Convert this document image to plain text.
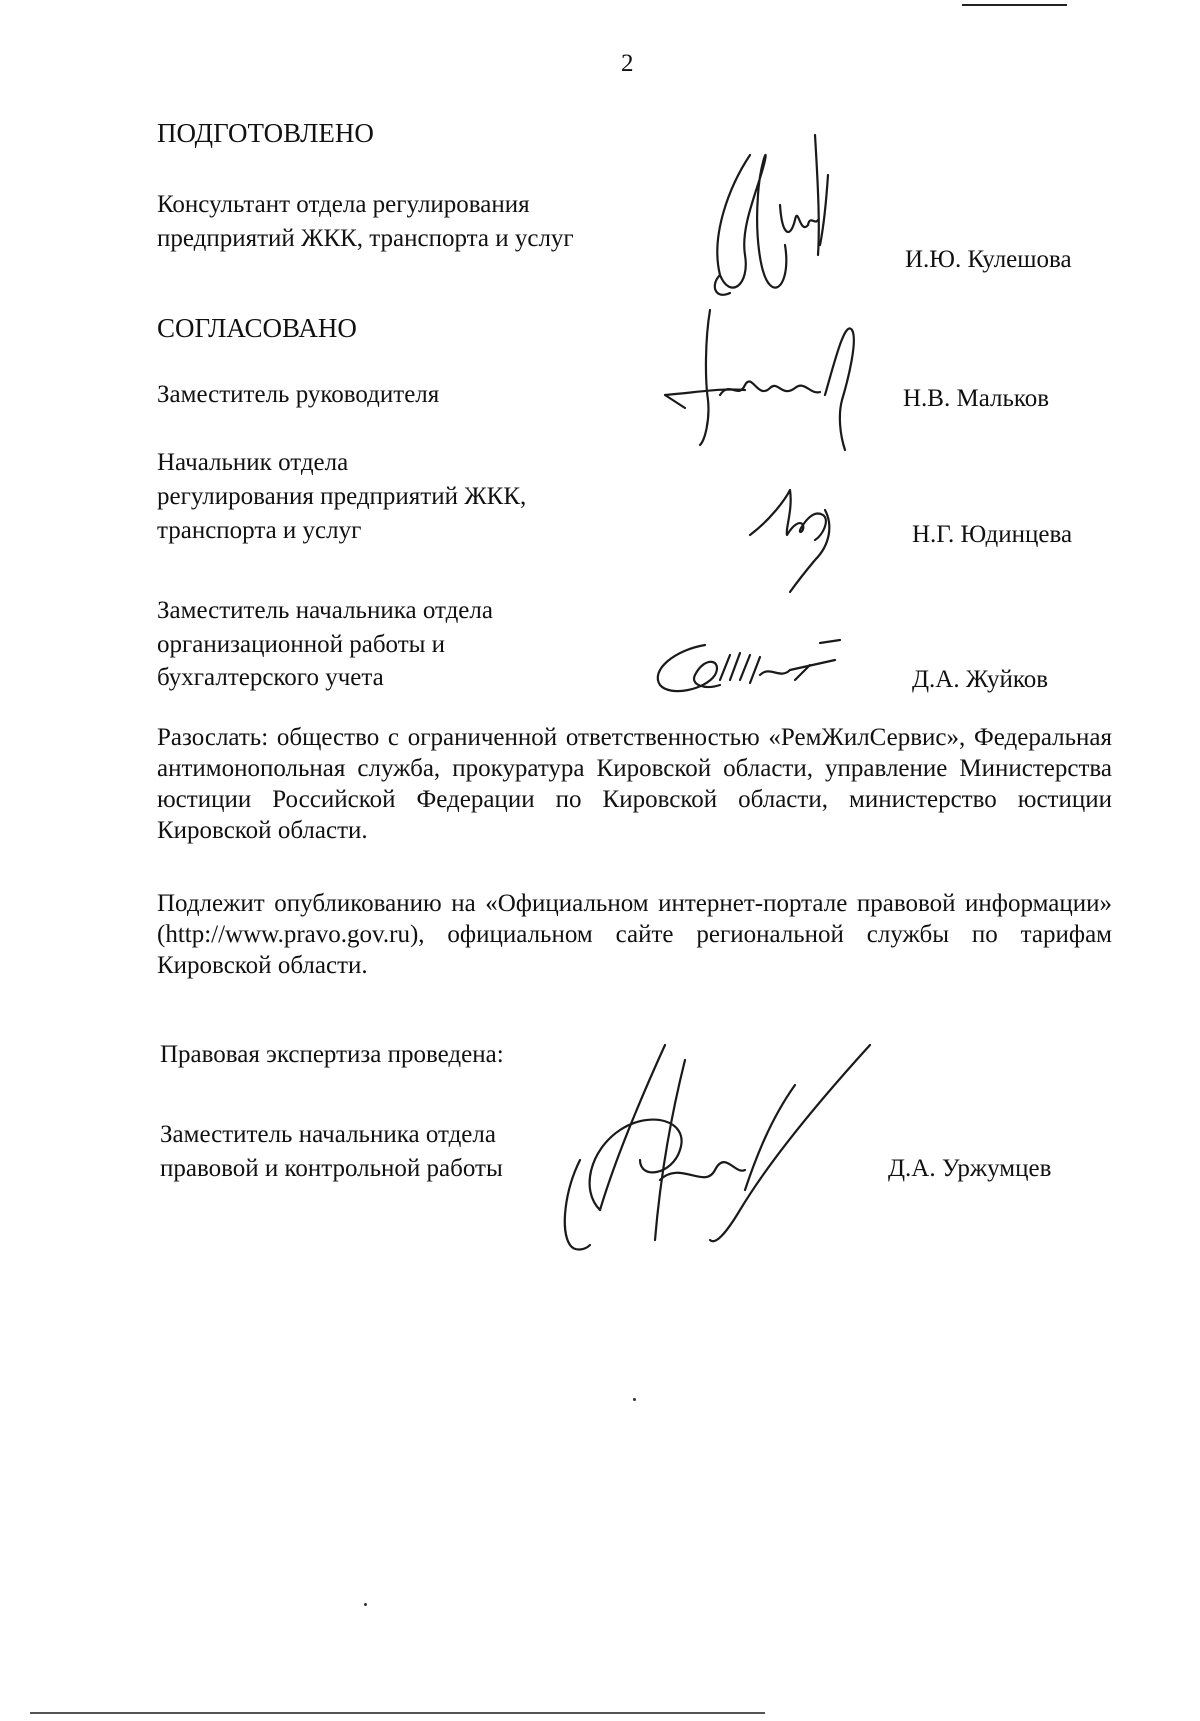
2
ПОДГОТОВЛЕНО
Консультант отдела регулирования
предприятий ЖКК, транспорта и услуг
И.Ю. Кулешова
СОГЛАСОВАНО
Заместитель руководителя	Н.В. Мальков
Начальник отдела
регулирования предприятий ЖКК,
транспорта и услуг	Н.Г. Юдинцева
Заместитель начальника отдела
организационной работы и
бухгалтерского учета	Д.А. Жуйков
Разослать: общество с ограниченной ответственностью «РемЖилСервис», Федеральная антимонопольная служба, прокуратура Кировской области, управление Министерства юстиции Российской Федерации по Кировской области, министерство юстиции Кировской области.
Подлежит опубликованию на «Официальном интернет-портале правовой информации» (http://www.pravo.gov.ru), официальном сайте региональной службы по тарифам Кировской области.
Правовая экспертиза проведена:
Заместитель начальника отдела
правовой и контрольной работы	Д.А. Уржумцев
